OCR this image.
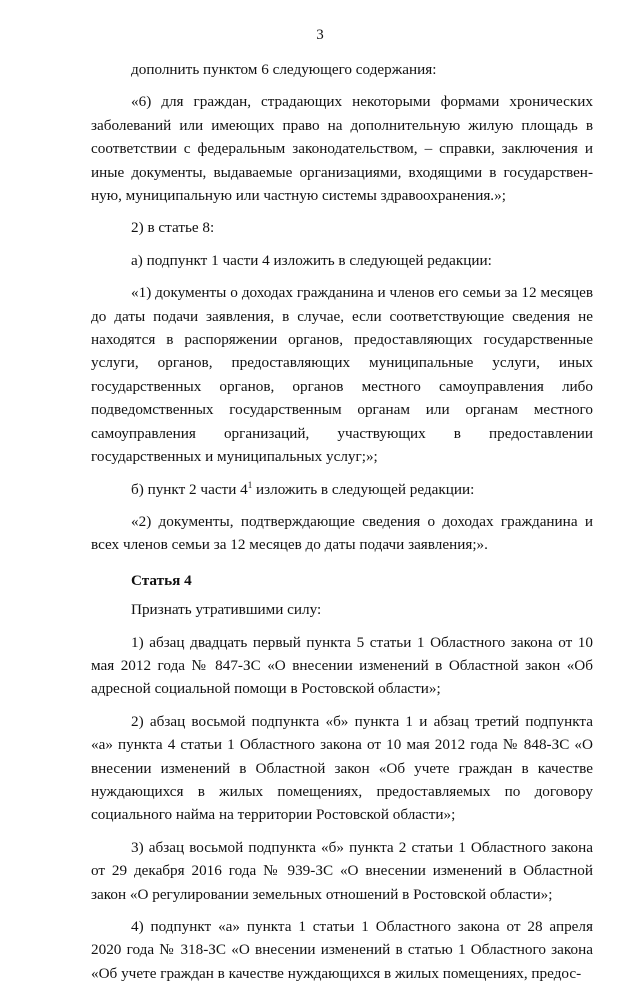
3

дополнить пунктом 6 следующего содержания:

«6) для граждан, страдающих некоторыми формами хронических заболеваний или имеющих право на дополнительную жилую площадь в соответствии с федеральным законодательством, – справки, заключения и иные документы, выдаваемые организациями, входящими в государственную, муниципальную или частную системы здравоохранения.»;

2) в статье 8:

а) подпункт 1 части 4 изложить в следующей редакции:

«1) документы о доходах гражданина и членов его семьи за 12 месяцев до даты подачи заявления, в случае, если соответствующие сведения не находятся в распоряжении органов, предоставляющих государственные услуги, органов, предоставляющих муниципальные услуги, иных государственных органов, органов местного самоуправления либо подведомственных государственным органам или органам местного самоуправления организаций, участвующих в предоставлении государственных и муниципальных услуг;»;

б) пункт 2 части $4^1$ изложить в следующей редакции:

«2) документы, подтверждающие сведения о доходах гражданина и всех членов семьи за 12 месяцев до даты подачи заявления;».

Статья 4

Признать утратившими силу:

1) абзац двадцать первый пункта 5 статьи 1 Областного закона от 10 мая 2012 года № 847-ЗС «О внесении изменений в Областной закон «Об адресной социальной помощи в Ростовской области»;

2) абзац восьмой подпункта «б» пункта 1 и абзац третий подпункта «а» пункта 4 статьи 1 Областного закона от 10 мая 2012 года № 848-ЗС «О внесении изменений в Областной закон «Об учете граждан в качестве нуждающихся в жилых помещениях, предоставляемых по договору социального найма на территории Ростовской области»;

3) абзац восьмой подпункта «б» пункта 2 статьи 1 Областного закона от 29 декабря 2016 года № 939-ЗС «О внесении изменений в Областной закон «О регулировании земельных отношений в Ростовской области»;

4) подпункт «а» пункта 1 статьи 1 Областного закона от 28 апреля 2020 года № 318-ЗС «О внесении изменений в статью 1 Областного закона «Об учете граждан в качестве нуждающихся в жилых помещениях, предос-
